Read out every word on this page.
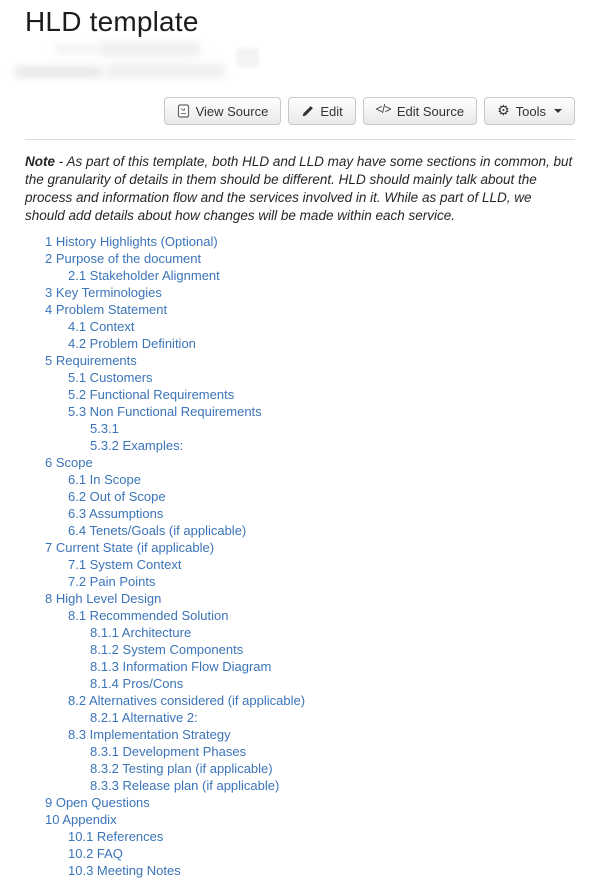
HLD template
View Source	Edit	</> Edit Source ⚙ Tools

Note - As part of this template, both HLD and LLD may have some sections in common, but the granularity of details in them should be different. HLD should mainly talk about the process and information flow and the services involved in it. While as part of LLD, we should add details about how changes will be made within each service.

1 History Highlights (Optional)
2 Purpose of the document
2.1 Stakeholder Alignment
3 Key Terminologies
4 Problem Statement
4.1 Context
4.2 Problem Definition
5 Requirements
5.1 Customers
5.2 Functional Requirements
5.3 Non Functional Requirements
5.3.1
5.3.2 Examples:
6 Scope
6.1 In Scope
6.2 Out of Scope
6.3 Assumptions
6.4 Tenets/Goals (if applicable)
7 Current State (if applicable)
7.1 System Context
7.2 Pain Points
8 High Level Design
8.1 Recommended Solution
8.1.1 Architecture
8.1.2 System Components
8.1.3 Information Flow Diagram
8.1.4 Pros/Cons
8.2 Alternatives considered (if applicable)
8.2.1 Alternative 2:
8.3 Implementation Strategy
8.3.1 Development Phases
8.3.2 Testing plan (if applicable)
8.3.3 Release plan (if applicable)
9 Open Questions
10 Appendix
10.1 References
10.2 FAQ
10.3 Meeting Notes
